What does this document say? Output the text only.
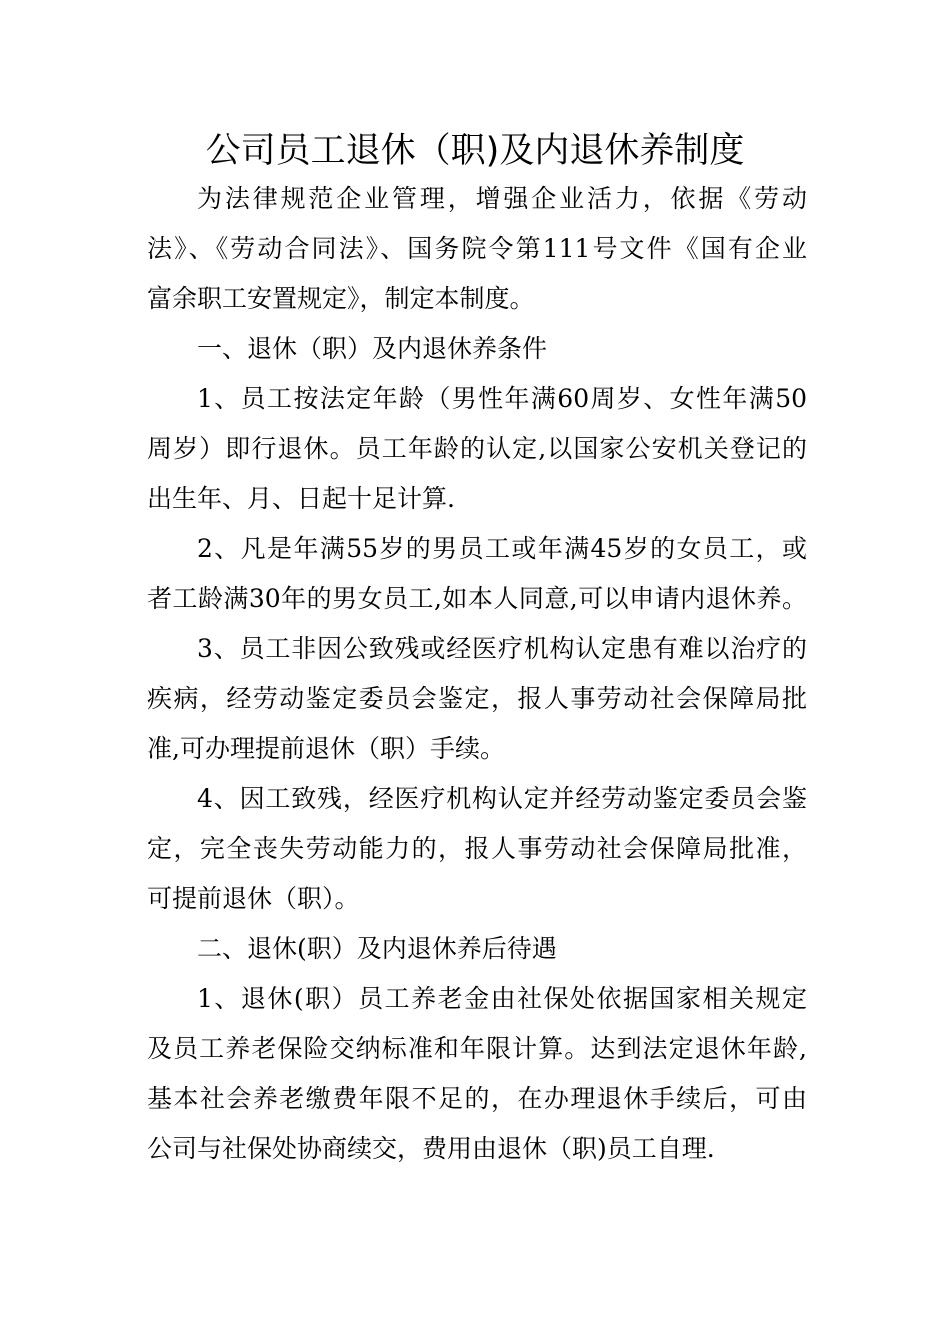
公司员工退休（职)及内退休养制度

为法律规范企业管理，增强企业活力，依据《劳动

法》、《劳动合同法》、国务院令第111号文件《国有企业

富余职工安置规定》，制定本制度。

一、退休（职）及内退休养条件

1、员工按法定年龄（男性年满60周岁、女性年满50

周岁）即行退休。员工年龄的认定,以国家公安机关登记的

出生年、月、日起十足计算.

2、凡是年满55岁的男员工或年满45岁的女员工，或

者工龄满30年的男女员工,如本人同意,可以申请内退休养。

3、员工非因公致残或经医疗机构认定患有难以治疗的

疾病，经劳动鉴定委员会鉴定，报人事劳动社会保障局批

准,可办理提前退休（职）手续。

4、因工致残，经医疗机构认定并经劳动鉴定委员会鉴

定，完全丧失劳动能力的，报人事劳动社会保障局批准，

可提前退休（职）。

二、退休(职）及内退休养后待遇

1、退休(职）员工养老金由社保处依据国家相关规定

及员工养老保险交纳标准和年限计算。达到法定退休年龄,

基本社会养老缴费年限不足的，在办理退休手续后，可由

公司与社保处协商续交，费用由退休（职)员工自理.
